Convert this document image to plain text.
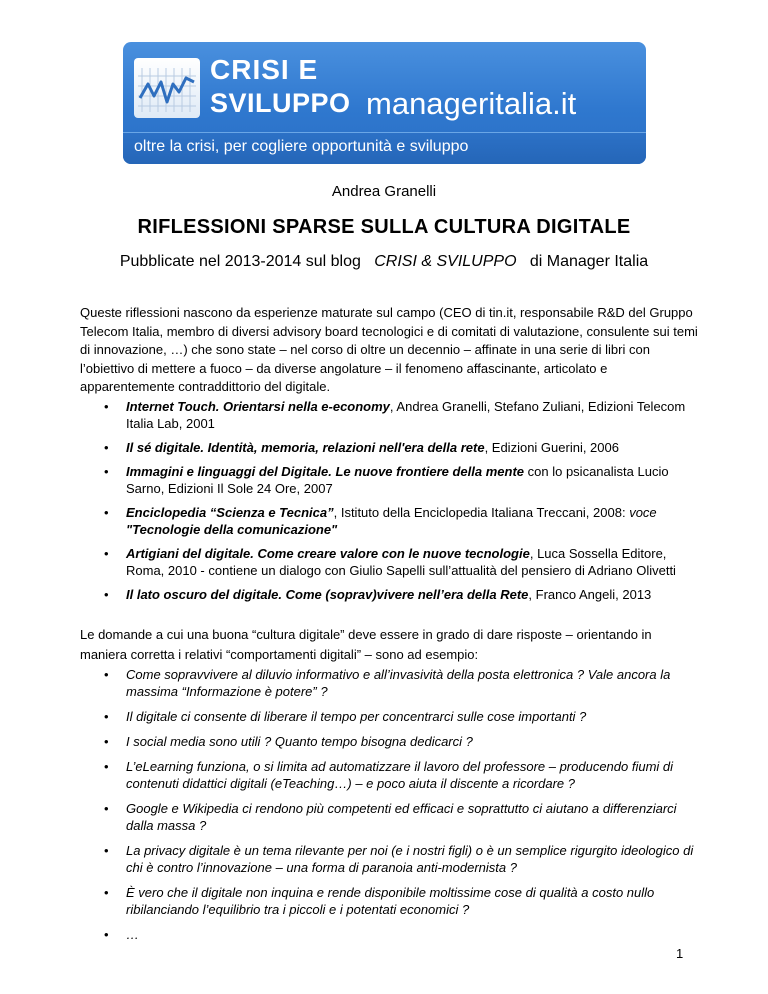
CRISI E
SVILUPPO manageritalia.it
oltre la crisi, per cogliere opportunità e sviluppo
Andrea Granelli
RIFLESSIONI SPARSE SULLA CULTURA DIGITALE
Pubblicate nel 2013-2014 sul blog CRISI & SVILUPPO di Manager Italia
Queste riflessioni nascono da esperienze maturate sul campo (CEO di tin.it, responsabile R&D del Gruppo Telecom Italia, membro di diversi advisory board tecnologici e di comitati di valutazione, consulente sui temi di innovazione, …) che sono state – nel corso di oltre un decennio – affinate in una serie di libri con l’obiettivo di mettere a fuoco – da diverse angolature – il fenomeno affascinante, articolato e apparentemente contraddittorio del digitale.
• Internet Touch. Orientarsi nella e-economy, Andrea Granelli, Stefano Zuliani, Edizioni Telecom Italia Lab, 2001
• Il sé digitale. Identità, memoria, relazioni nell'era della rete, Edizioni Guerini, 2006
• Immagini e linguaggi del Digitale. Le nuove frontiere della mente con lo psicanalista Lucio Sarno, Edizioni Il Sole 24 Ore, 2007
• Enciclopedia “Scienza e Tecnica”, Istituto della Enciclopedia Italiana Treccani, 2008: voce "Tecnologie della comunicazione"
• Artigiani del digitale. Come creare valore con le nuove tecnologie, Luca Sossella Editore, Roma, 2010 - contiene un dialogo con Giulio Sapelli sull’attualità del pensiero di Adriano Olivetti
• Il lato oscuro del digitale. Come (soprav)vivere nell’era della Rete, Franco Angeli, 2013
Le domande a cui una buona “cultura digitale” deve essere in grado di dare risposte – orientando in maniera corretta i relativi “comportamenti digitali” – sono ad esempio:
• Come sopravvivere al diluvio informativo e all’invasività della posta elettronica ? Vale ancora la massima “Informazione è potere” ?
• Il digitale ci consente di liberare il tempo per concentrarci sulle cose importanti ?
• I social media sono utili ? Quanto tempo bisogna dedicarci ?
• L’eLearning funziona, o si limita ad automatizzare il lavoro del professore – producendo fiumi di contenuti didattici digitali (eTeaching…) – e poco aiuta il discente a ricordare ?
• Google e Wikipedia ci rendono più competenti ed efficaci e soprattutto ci aiutano a differenziarci dalla massa ?
• La privacy digitale è un tema rilevante per noi (e i nostri figli) o è un semplice rigurgito ideologico di chi è contro l’innovazione – una forma di paranoia anti-modernista ?
• È vero che il digitale non inquina e rende disponibile moltissime cose di qualità a costo nullo ribilanciando l’equilibrio tra i piccoli e i potentati economici ?
• …
1
